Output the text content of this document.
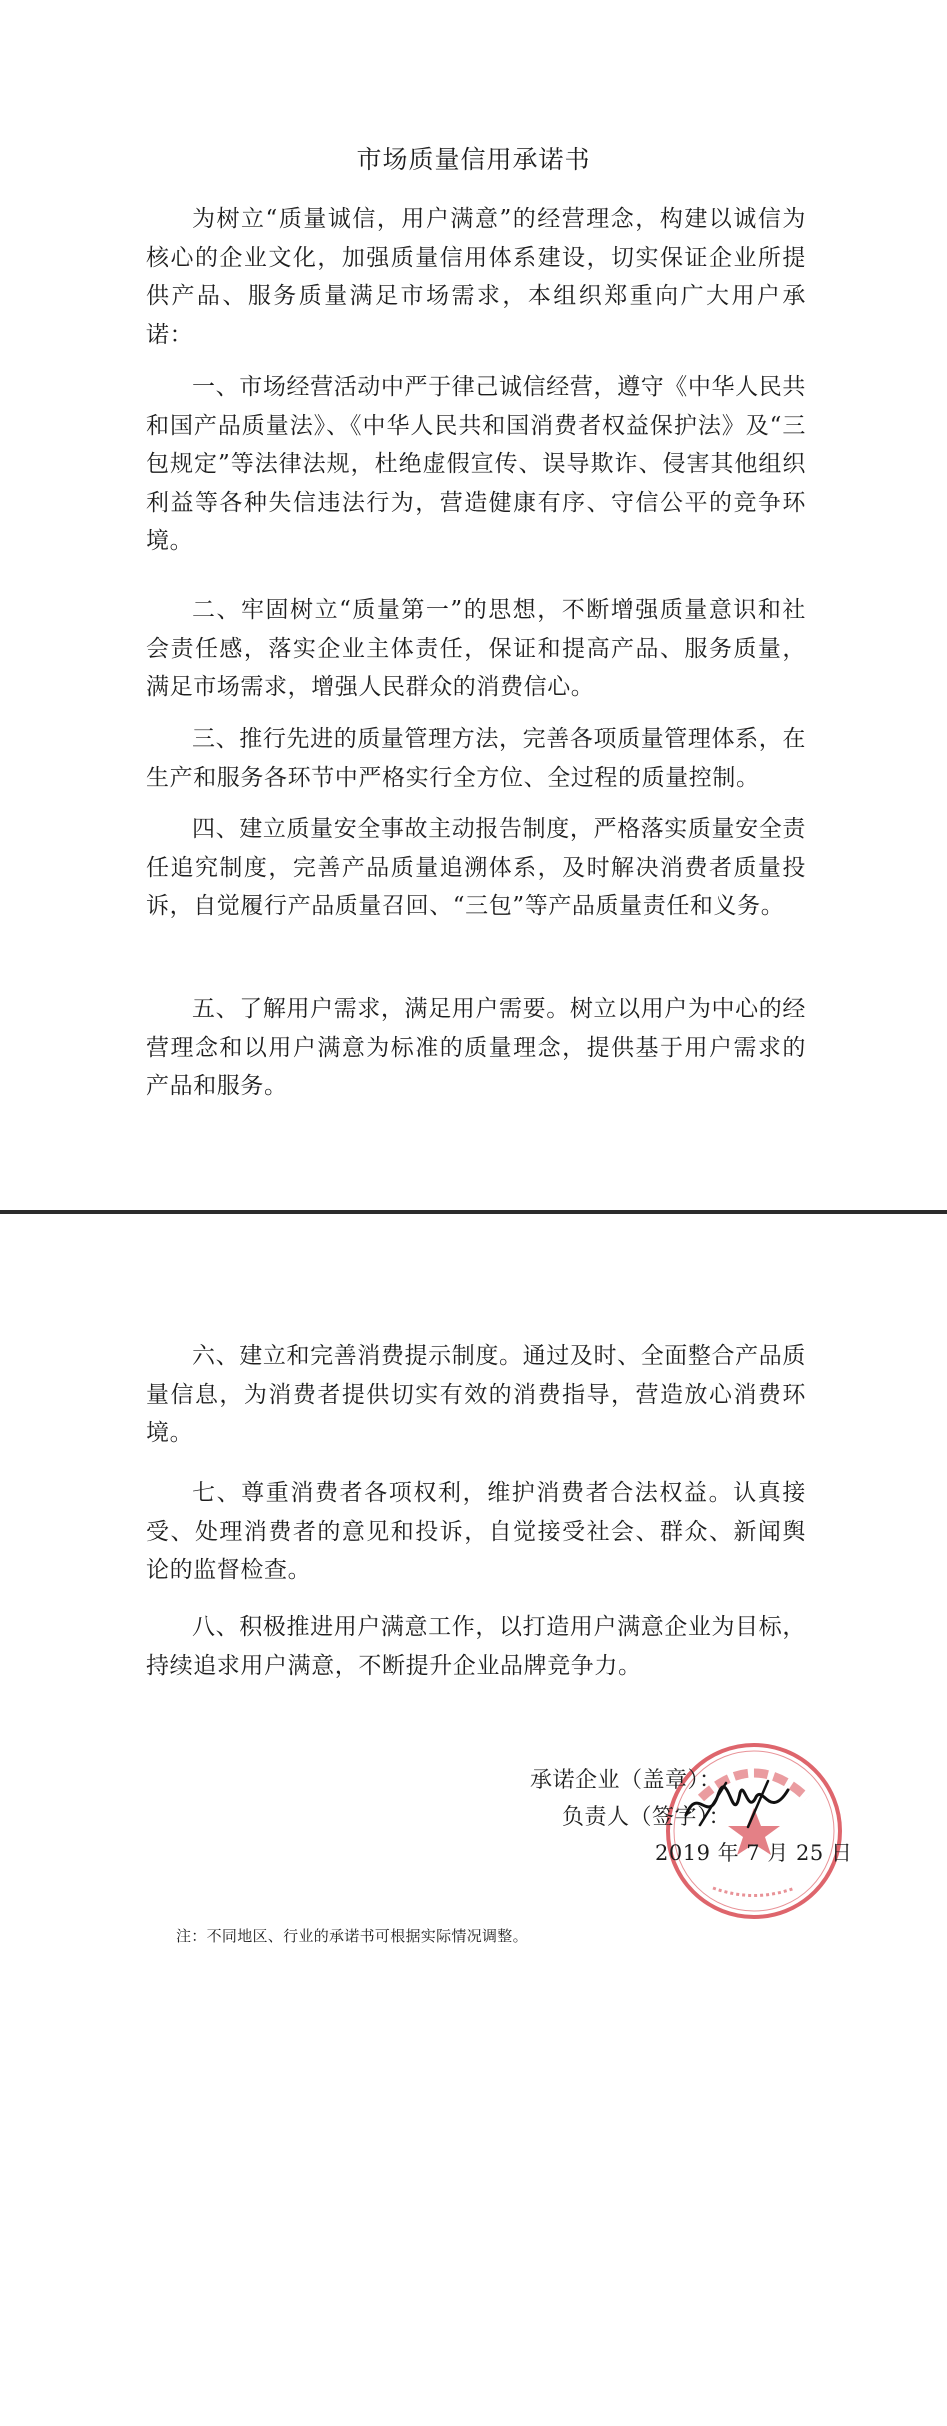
市场质量信用承诺书

为树立“质量诚信，用户满意”的经营理念，构建以诚信为核心的企业文化，加强质量信用体系建设，切实保证企业所提供产品、服务质量满足市场需求，本组织郑重向广大用户承诺：

一、市场经营活动中严于律己诚信经营，遵守《中华人民共和国产品质量法》、《中华人民共和国消费者权益保护法》及“三包规定”等法律法规，杜绝虚假宣传、误导欺诈、侵害其他组织利益等各种失信违法行为，营造健康有序、守信公平的竞争环境。

二、牢固树立“质量第一”的思想，不断增强质量意识和社会责任感，落实企业主体责任，保证和提高产品、服务质量，满足市场需求，增强人民群众的消费信心。

三、推行先进的质量管理方法，完善各项质量管理体系，在生产和服务各环节中严格实行全方位、全过程的质量控制。

四、建立质量安全事故主动报告制度，严格落实质量安全责任追究制度，完善产品质量追溯体系，及时解决消费者质量投诉，自觉履行产品质量召回、“三包”等产品质量责任和义务。

五、了解用户需求，满足用户需要。树立以用户为中心的经营理念和以用户满意为标准的质量理念，提供基于用户需求的产品和服务。

六、建立和完善消费提示制度。通过及时、全面整合产品质量信息，为消费者提供切实有效的消费指导，营造放心消费环境。

七、尊重消费者各项权利，维护消费者合法权益。认真接受、处理消费者的意见和投诉，自觉接受社会、群众、新闻舆论的监督检查。

八、积极推进用户满意工作，以打造用户满意企业为目标，持续追求用户满意，不断提升企业品牌竞争力。

承诺企业（盖章）：
负责人（签字）：
2019 年 7 月 25 日
注：不同地区、行业的承诺书可根据实际情况调整。
